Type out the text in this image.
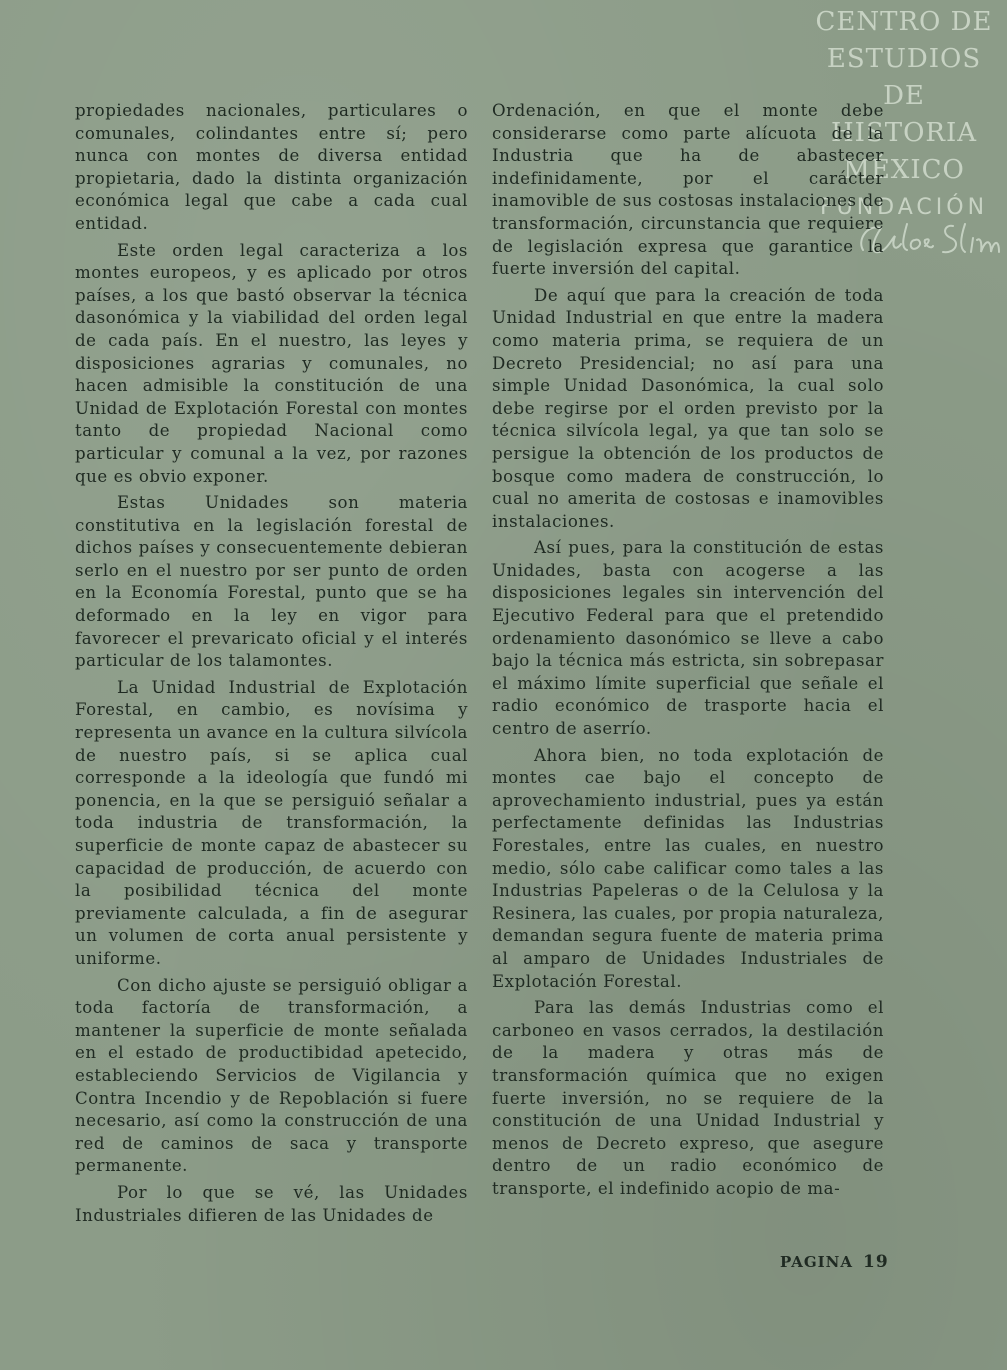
CENTRO DE
ESTUDIOS
DE HISTORIA
MÉXICO
FUNDACIÓN

propiedades nacionales, particulares o comunales, colindantes entre sí; pero nunca con montes de diversa entidad propietaria, dado la distinta organización económica legal que cabe a cada cual entidad.

Este orden legal caracteriza a los montes europeos, y es aplicado por otros países, a los que bastó observar la técnica dasonómica y la viabilidad del orden legal de cada país. En el nuestro, las leyes y disposiciones agrarias y comunales, no hacen admisible la constitución de una Unidad de Explotación Forestal con montes tanto de propiedad Nacional como particular y comunal a la vez, por razones que es obvio exponer.

Estas Unidades son materia constitutiva en la legislación forestal de dichos países y consecuentemente debieran serlo en el nuestro por ser punto de orden en la Economía Forestal, punto que se ha deformado en la ley en vigor para favorecer el prevaricato oficial y el interés particular de los talamontes.

La Unidad Industrial de Explotación Forestal, en cambio, es novísima y representa un avance en la cultura silvícola de nuestro país, si se aplica cual corresponde a la ideología que fundó mi ponencia, en la que se persiguió señalar a toda industria de transformación, la superficie de monte capaz de abastecer su capacidad de producción, de acuerdo con la posibilidad técnica del monte previamente calculada, a fin de asegurar un volumen de corta anual persistente y uniforme.

Con dicho ajuste se persiguió obligar a toda factoría de transformación, a mantener la superficie de monte señalada en el estado de productibidad apetecido, estableciendo Servicios de Vigilancia y Contra Incendio y de Repoblación si fuere necesario, así como la construcción de una red de caminos de saca y transporte permanente.

Por lo que se vé, las Unidades Industriales difieren de las Unidades de

Ordenación, en que el monte debe considerarse como parte alícuota de la Industria que ha de abastecer indefinidamente, por el carácter inamovible de sus costosas instalaciones de transformación, circunstancia que requiere de legislación expresa que garantice la fuerte inversión del capital.

De aquí que para la creación de toda Unidad Industrial en que entre la madera como materia prima, se requiera de un Decreto Presidencial; no así para una simple Unidad Dasonómica, la cual solo debe regirse por el orden previsto por la técnica silvícola legal, ya que tan solo se persigue la obtención de los productos de bosque como madera de construcción, lo cual no amerita de costosas e inamovibles instalaciones.

Así pues, para la constitución de estas Unidades, basta con acogerse a las disposiciones legales sin intervención del Ejecutivo Federal para que el pretendido ordenamiento dasonómico se lleve a cabo bajo la técnica más estricta, sin sobrepasar el máximo límite superficial que señale el radio económico de trasporte hacia el centro de aserrío.

Ahora bien, no toda explotación de montes cae bajo el concepto de aprovechamiento industrial, pues ya están perfectamente definidas las Industrias Forestales, entre las cuales, en nuestro medio, sólo cabe calificar como tales a las Industrias Papeleras o de la Celulosa y la Resinera, las cuales, por propia naturaleza, demandan segura fuente de materia prima al amparo de Unidades Industriales de Explotación Forestal.

Para las demás Industrias como el carboneo en vasos cerrados, la destilación de la madera y otras más de transformación química que no exigen fuerte inversión, no se requiere de la constitución de una Unidad Industrial y menos de Decreto expreso, que asegure dentro de un radio económico de transporte, el indefinido acopio de ma-

PAGINA 19
